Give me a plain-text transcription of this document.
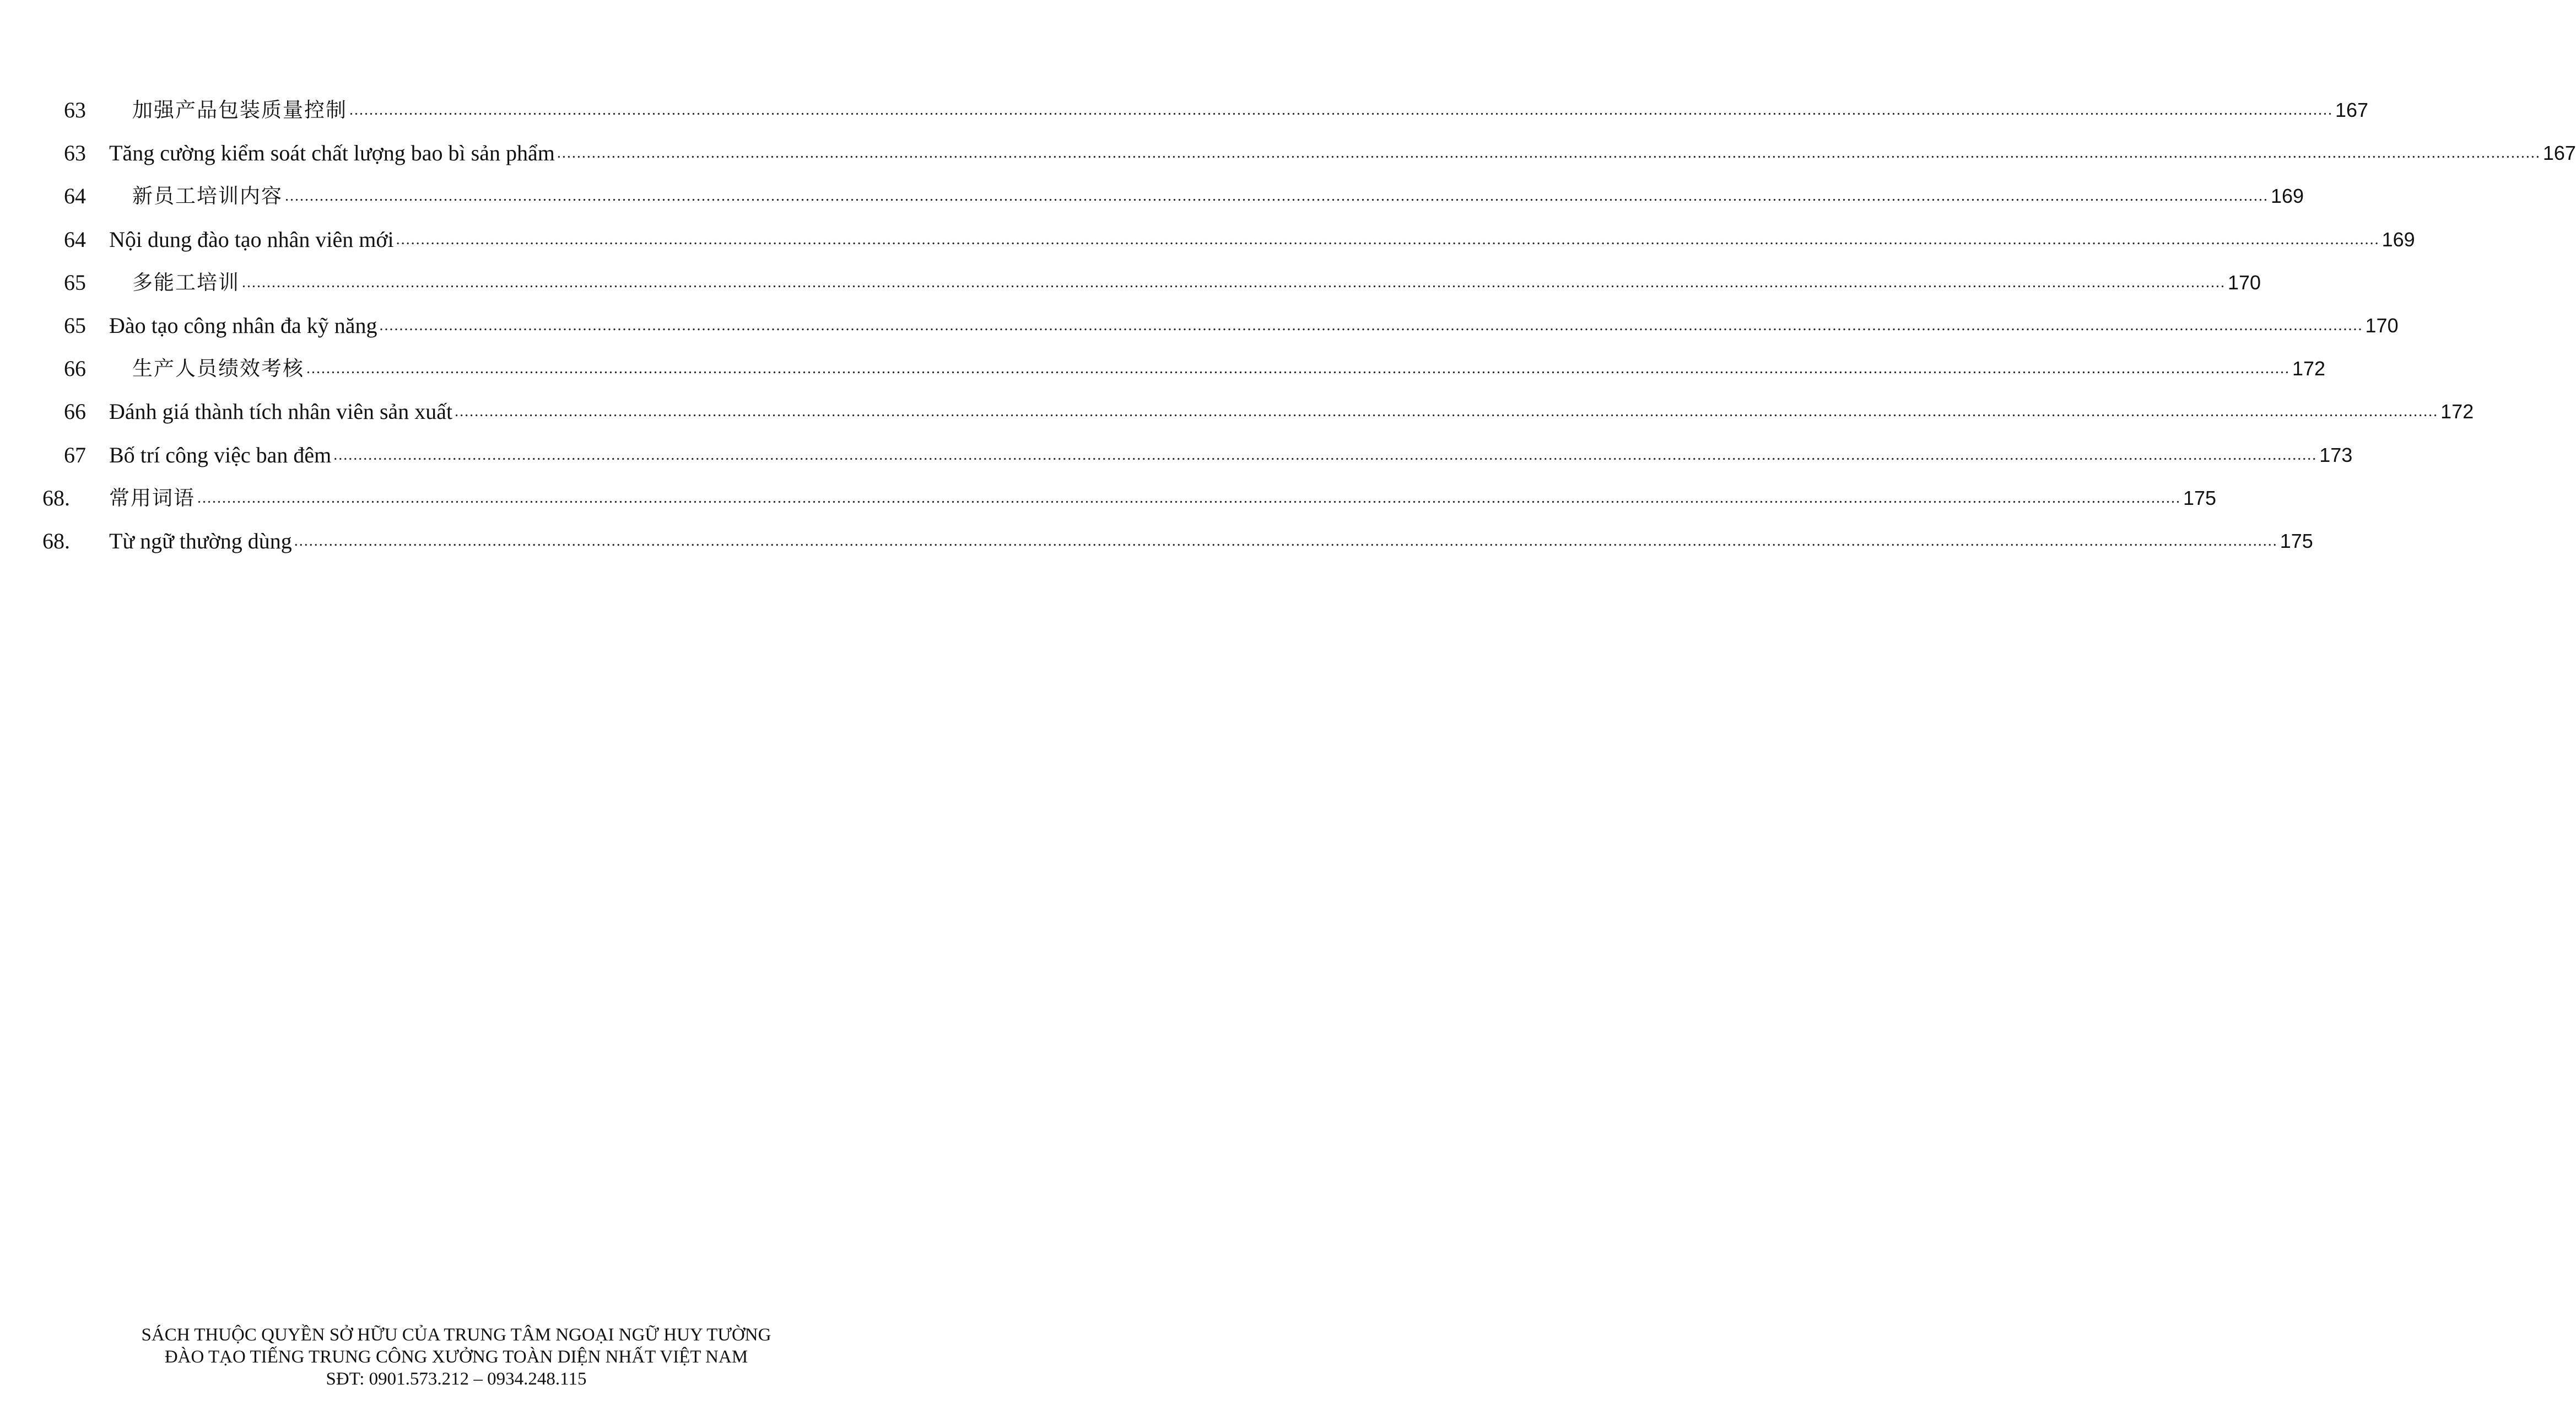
63 加强产品包装质量控制 ................................................................................................................................................................................................................................................................................................................................................................................................................ 167
63 Tăng cường kiểm soát chất lượng bao bì sản phẩm ................................................................................................................................................................................................................................................................................................................................................................................................................ 167
64 新员工培训内容 ................................................................................................................................................................................................................................................................................................................................................................................................................ 169
64 Nội dung đào tạo nhân viên mới ................................................................................................................................................................................................................................................................................................................................................................................................................ 169
65 多能工培训 ................................................................................................................................................................................................................................................................................................................................................................................................................ 170
65 Đào tạo công nhân đa kỹ năng ................................................................................................................................................................................................................................................................................................................................................................................................................ 170
66 生产人员绩效考核 ................................................................................................................................................................................................................................................................................................................................................................................................................ 172
66 Đánh giá thành tích nhân viên sản xuất ................................................................................................................................................................................................................................................................................................................................................................................................................ 172
67 Bố trí công việc ban đêm ................................................................................................................................................................................................................................................................................................................................................................................................................ 173
68. 常用词语 ................................................................................................................................................................................................................................................................................................................................................................................................................ 175
68. Từ ngữ thường dùng ................................................................................................................................................................................................................................................................................................................................................................................................................ 175
SÁCH THUỘC QUYỀN SỞ HỮU CỦA TRUNG TÂM NGOẠI NGỮ HUY TƯỜNG
ĐÀO TẠO TIẾNG TRUNG CÔNG XƯỞNG TOÀN DIỆN NHẤT VIỆT NAM
SĐT: 0901.573.212 – 0934.248.115
